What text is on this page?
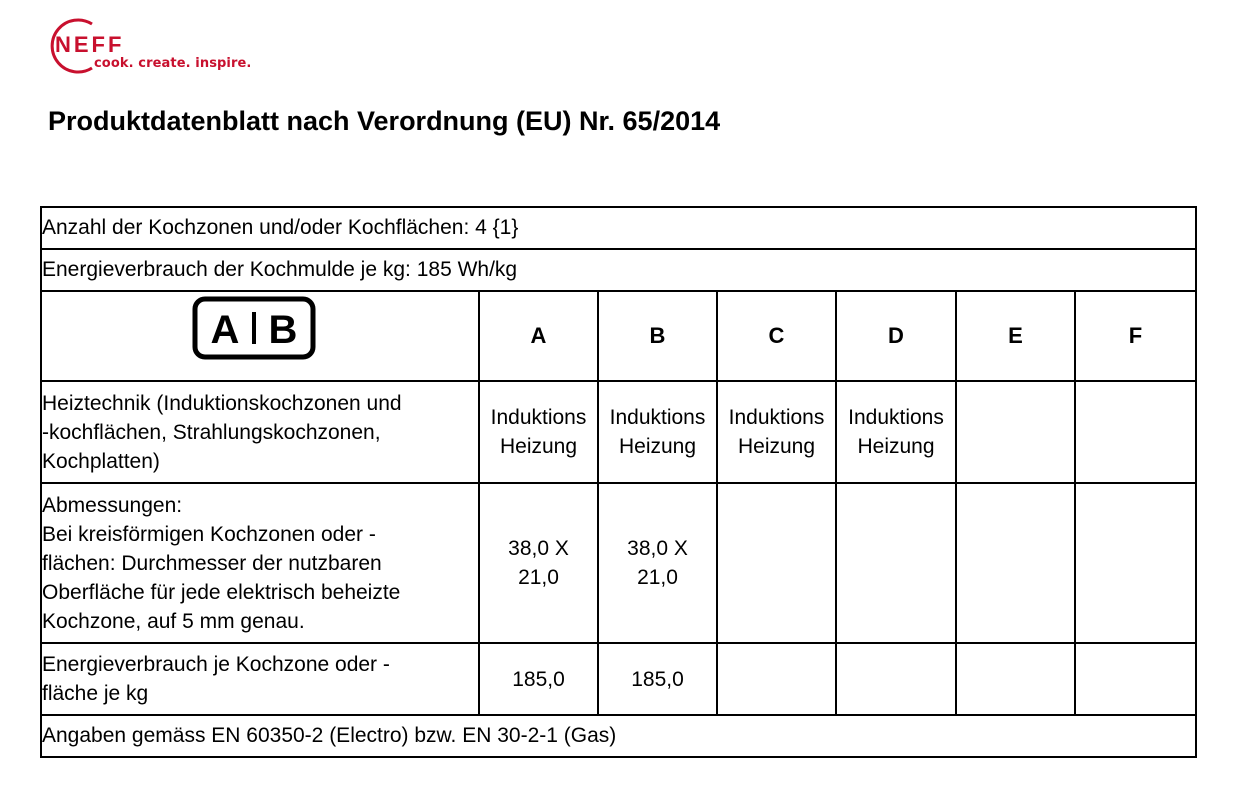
NEFF
cook. create. inspire.
Produktdatenblatt nach Verordnung (EU) Nr. 65/2014
Anzahl der Kochzonen und/oder Kochflächen: 4 {1}						
Energieverbrauch der Kochmulde je kg: 185 Wh/kg						

A B	A	B	C	D	E	F

Heiztechnik (Induktionskochzonen und
-kochflächen, Strahlungskochzonen,
Kochplatten)	Induktions
Heizung	Induktions
Heizung	Induktions
Heizung	Induktions
Heizung		

Abmessungen:
Bei kreisförmigen Kochzonen oder -
flächen: Durchmesser der nutzbaren
Oberfläche für jede elektrisch beheizte
Kochzone, auf 5 mm genau.	38,0 X
21,0	38,0 X
21,0				

Energieverbrauch je Kochzone oder -
fläche je kg	185,0	185,0				
Angaben gemäss EN 60350-2 (Electro) bzw. EN 30-2-1 (Gas)						
